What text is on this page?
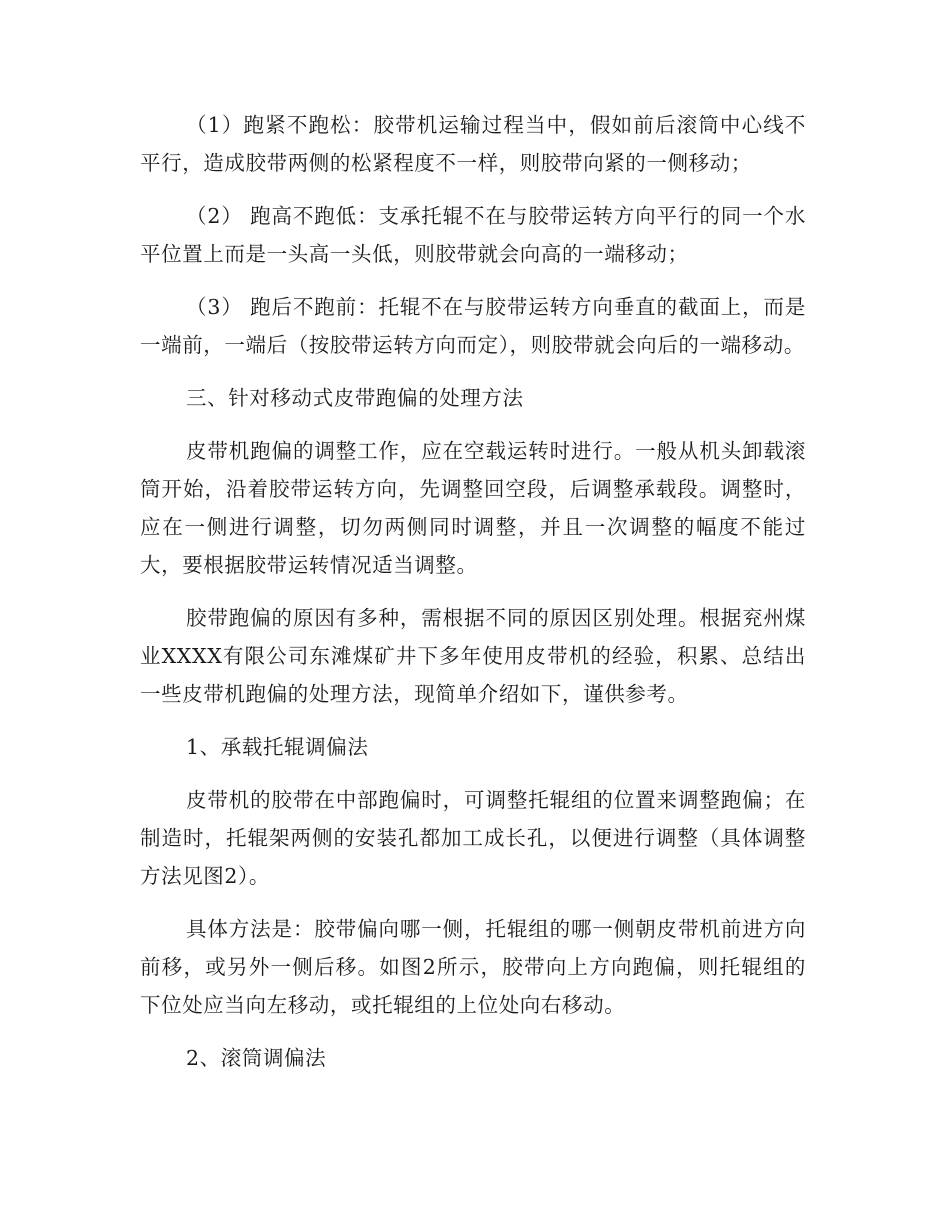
（1）跑紧不跑松：胶带机运输过程当中，假如前后滚筒中心线不平行，造成胶带两侧的松紧程度不一样，则胶带向紧的一侧移动；

（2） 跑高不跑低：支承托辊不在与胶带运转方向平行的同一个水平位置上而是一头高一头低，则胶带就会向高的一端移动；

（3） 跑后不跑前：托辊不在与胶带运转方向垂直的截面上，而是一端前，一端后（按胶带运转方向而定），则胶带就会向后的一端移动。

三、针对移动式皮带跑偏的处理方法

皮带机跑偏的调整工作，应在空载运转时进行。一般从机头卸载滚筒开始，沿着胶带运转方向，先调整回空段，后调整承载段。调整时，应在一侧进行调整，切勿两侧同时调整，并且一次调整的幅度不能过大，要根据胶带运转情况适当调整。

胶带跑偏的原因有多种，需根据不同的原因区别处理。根据兖州煤业XXXX有限公司东滩煤矿井下多年使用皮带机的经验，积累、总结出一些皮带机跑偏的处理方法，现简单介绍如下，谨供参考。

1、承载托辊调偏法

皮带机的胶带在中部跑偏时，可调整托辊组的位置来调整跑偏；在制造时，托辊架两侧的安装孔都加工成长孔，以便进行调整（具体调整方法见图2）。

具体方法是：胶带偏向哪一侧，托辊组的哪一侧朝皮带机前进方向前移，或另外一侧后移。如图2所示，胶带向上方向跑偏，则托辊组的下位处应当向左移动，或托辊组的上位处向右移动。

2、滚筒调偏法
